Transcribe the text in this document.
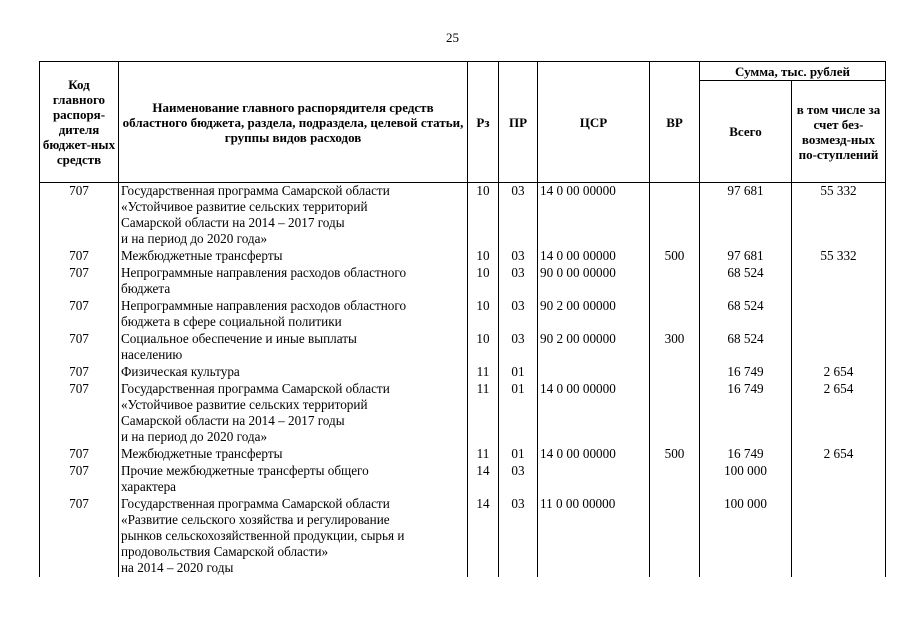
25
Код главного распоря-дителя бюджет-ных средств	Наименование главного распорядителя средств областного бюджета, раздела, подраздела, целевой статьи, группы видов расходов	Рз	ПР	ЦСР	ВР	Сумма, тыс. рублей	
						Всего	в том числе за счет без-возмезд-ных по-ступлений
707	Государственная программа Самарской области
«Устойчивое развитие сельских территорий
Самарской области на 2014 – 2017 годы
и на период до 2020 года»	10	03	14 0 00 00000		97 681	55 332
707	Межбюджетные трансферты	10	03	14 0 00 00000	500	97 681	55 332
707	Непрограммные направления расходов областного
бюджета	10	03	90 0 00 00000		68 524	
707	Непрограммные направления расходов областного
бюджета в сфере социальной политики	10	03	90 2 00 00000		68 524	
707	Социальное обеспечение и иные выплаты
населению	10	03	90 2 00 00000	300	68 524	
707	Физическая культура	11	01			16 749	2 654
707	Государственная программа Самарской области
«Устойчивое развитие сельских территорий
Самарской области на 2014 – 2017 годы
и на период до 2020 года»	11	01	14 0 00 00000		16 749	2 654
707	Межбюджетные трансферты	11	01	14 0 00 00000	500	16 749	2 654
707	Прочие межбюджетные трансферты общего
характера	14	03			100 000	
707	Государственная программа Самарской области
«Развитие сельского хозяйства и регулирование
рынков сельскохозяйственной продукции, сырья и
продовольствия Самарской области»
на 2014 – 2020 годы	14	03	11 0 00 00000		100 000	
